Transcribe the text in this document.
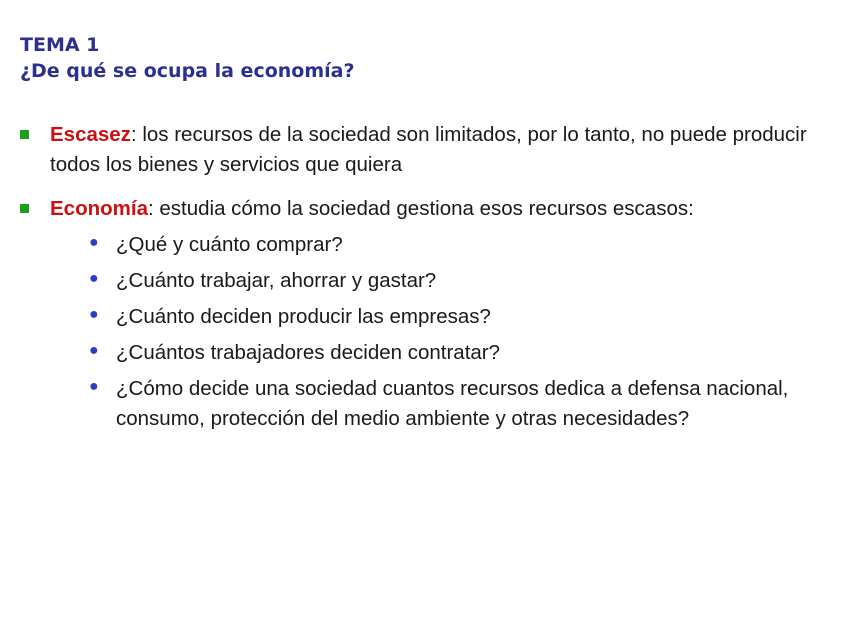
TEMA 1
¿De qué se ocupa la economía?
Escasez: los recursos de la sociedad son limitados, por lo tanto, no puede producir todos los bienes y servicios que quiera
Economía: estudia cómo la sociedad gestiona esos recursos escasos:
● ¿Qué y cuánto comprar?
● ¿Cuánto trabajar, ahorrar y gastar?
● ¿Cuánto deciden producir las empresas?
● ¿Cuántos trabajadores deciden contratar?
● ¿Cómo decide una sociedad cuantos recursos dedica a defensa nacional, consumo, protección del medio ambiente y otras necesidades?
